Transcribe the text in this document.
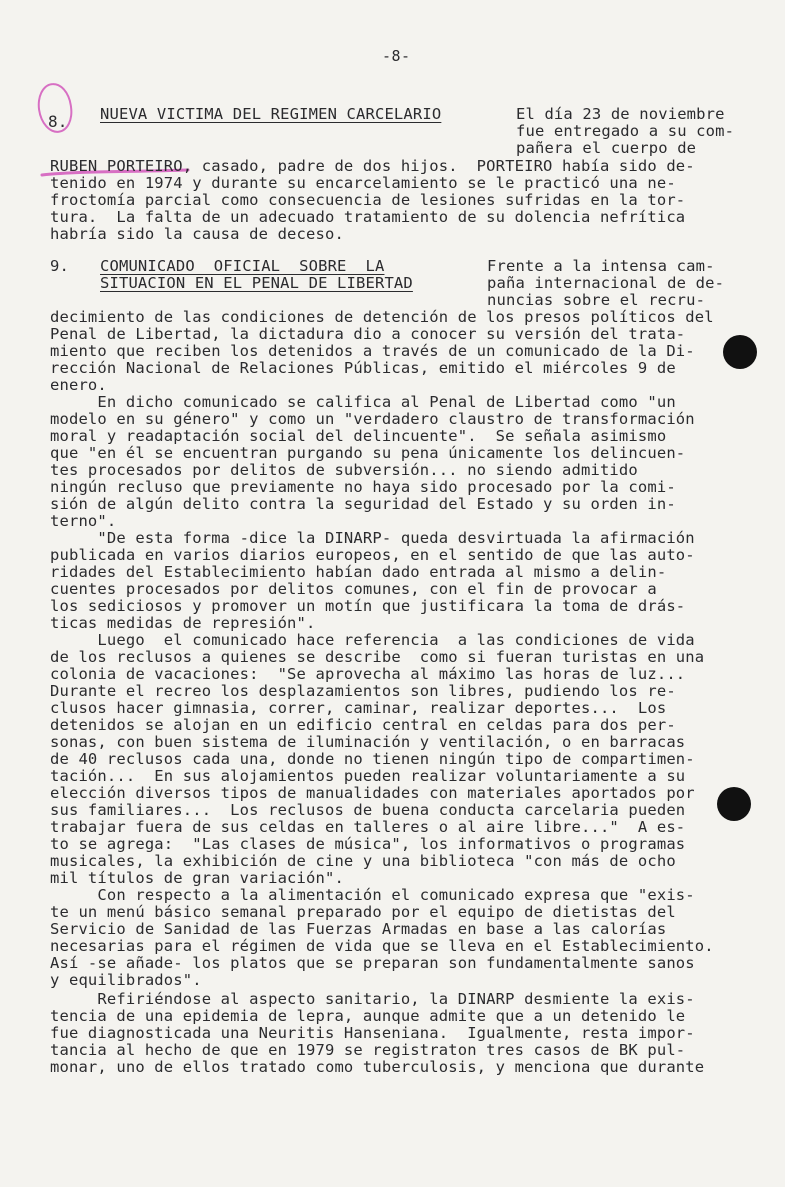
-8-
8. NUEVA VICTIMA DEL REGIMEN CARCELARIO	El día 23 de noviembre
fue entregado a su com-
pañera el cuerpo de
RUBEN PORTEIRO, casado, padre de dos hijos.  PORTEIRO había sido de-
tenido en 1974 y durante su encarcelamiento se le practicó una ne-
froctomía parcial como consecuencia de lesiones sufridas en la tor-
tura.  La falta de un adecuado tratamiento de su dolencia nefrítica
habría sido la causa de deceso.
9. COMUNICADO  OFICIAL  SOBRE  LA
SITUACION EN EL PENAL DE LIBERTAD
Frente a la intensa cam-
paña internacional de de-
nuncias sobre el recru-
decimiento de las condiciones de detención de los presos políticos del
Penal de Libertad, la dictadura dio a conocer su versión del trata-
miento que reciben los detenidos a través de un comunicado de la Di-
rección Nacional de Relaciones Públicas, emitido el miércoles 9 de
enero.
En dicho comunicado se califica al Penal de Libertad como "un
modelo en su género" y como un "verdadero claustro de transformación
moral y readaptación social del delincuente".  Se señala asimismo
que "en él se encuentran purgando su pena únicamente los delincuen-
tes procesados por delitos de subversión... no siendo admitido
ningún recluso que previamente no haya sido procesado por la comi-
sión de algún delito contra la seguridad del Estado y su orden in-
terno".
"De esta forma -dice la DINARP- queda desvirtuada la afirmación
publicada en varios diarios europeos, en el sentido de que las auto-
ridades del Establecimiento habían dado entrada al mismo a delin-
cuentes procesados por delitos comunes, con el fin de provocar a
los sediciosos y promover un motín que justificara la toma de drás-
ticas medidas de represión".
Luego  el comunicado hace referencia  a las condiciones de vida
de los reclusos a quienes se describe  como si fueran turistas en una
colonia de vacaciones:  "Se aprovecha al máximo las horas de luz...
Durante el recreo los desplazamientos son libres, pudiendo los re-
clusos hacer gimnasia, correr, caminar, realizar deportes...  Los
detenidos se alojan en un edificio central en celdas para dos per-
sonas, con buen sistema de iluminación y ventilación, o en barracas
de 40 reclusos cada una, donde no tienen ningún tipo de compartimen-
tación...  En sus alojamientos pueden realizar voluntariamente a su
elección diversos tipos de manualidades con materiales aportados por
sus familiares...  Los reclusos de buena conducta carcelaria pueden
trabajar fuera de sus celdas en talleres o al aire libre..."  A es-
to se agrega:  "Las clases de música", los informativos o programas
musicales, la exhibición de cine y una biblioteca "con más de ocho
mil títulos de gran variación".
Con respecto a la alimentación el comunicado expresa que "exis-
te un menú básico semanal preparado por el equipo de dietistas del
Servicio de Sanidad de las Fuerzas Armadas en base a las calorías
necesarias para el régimen de vida que se lleva en el Establecimiento.
Así -se añade- los platos que se preparan son fundamentalmente sanos
y equilibrados".
Refiriéndose al aspecto sanitario, la DINARP desmiente la exis-
tencia de una epidemia de lepra, aunque admite que a un detenido le
fue diagnosticada una Neuritis Hanseniana.  Igualmente, resta impor-
tancia al hecho de que en 1979 se registraton tres casos de BK pul-
monar, uno de ellos tratado como tuberculosis, y menciona que durante
